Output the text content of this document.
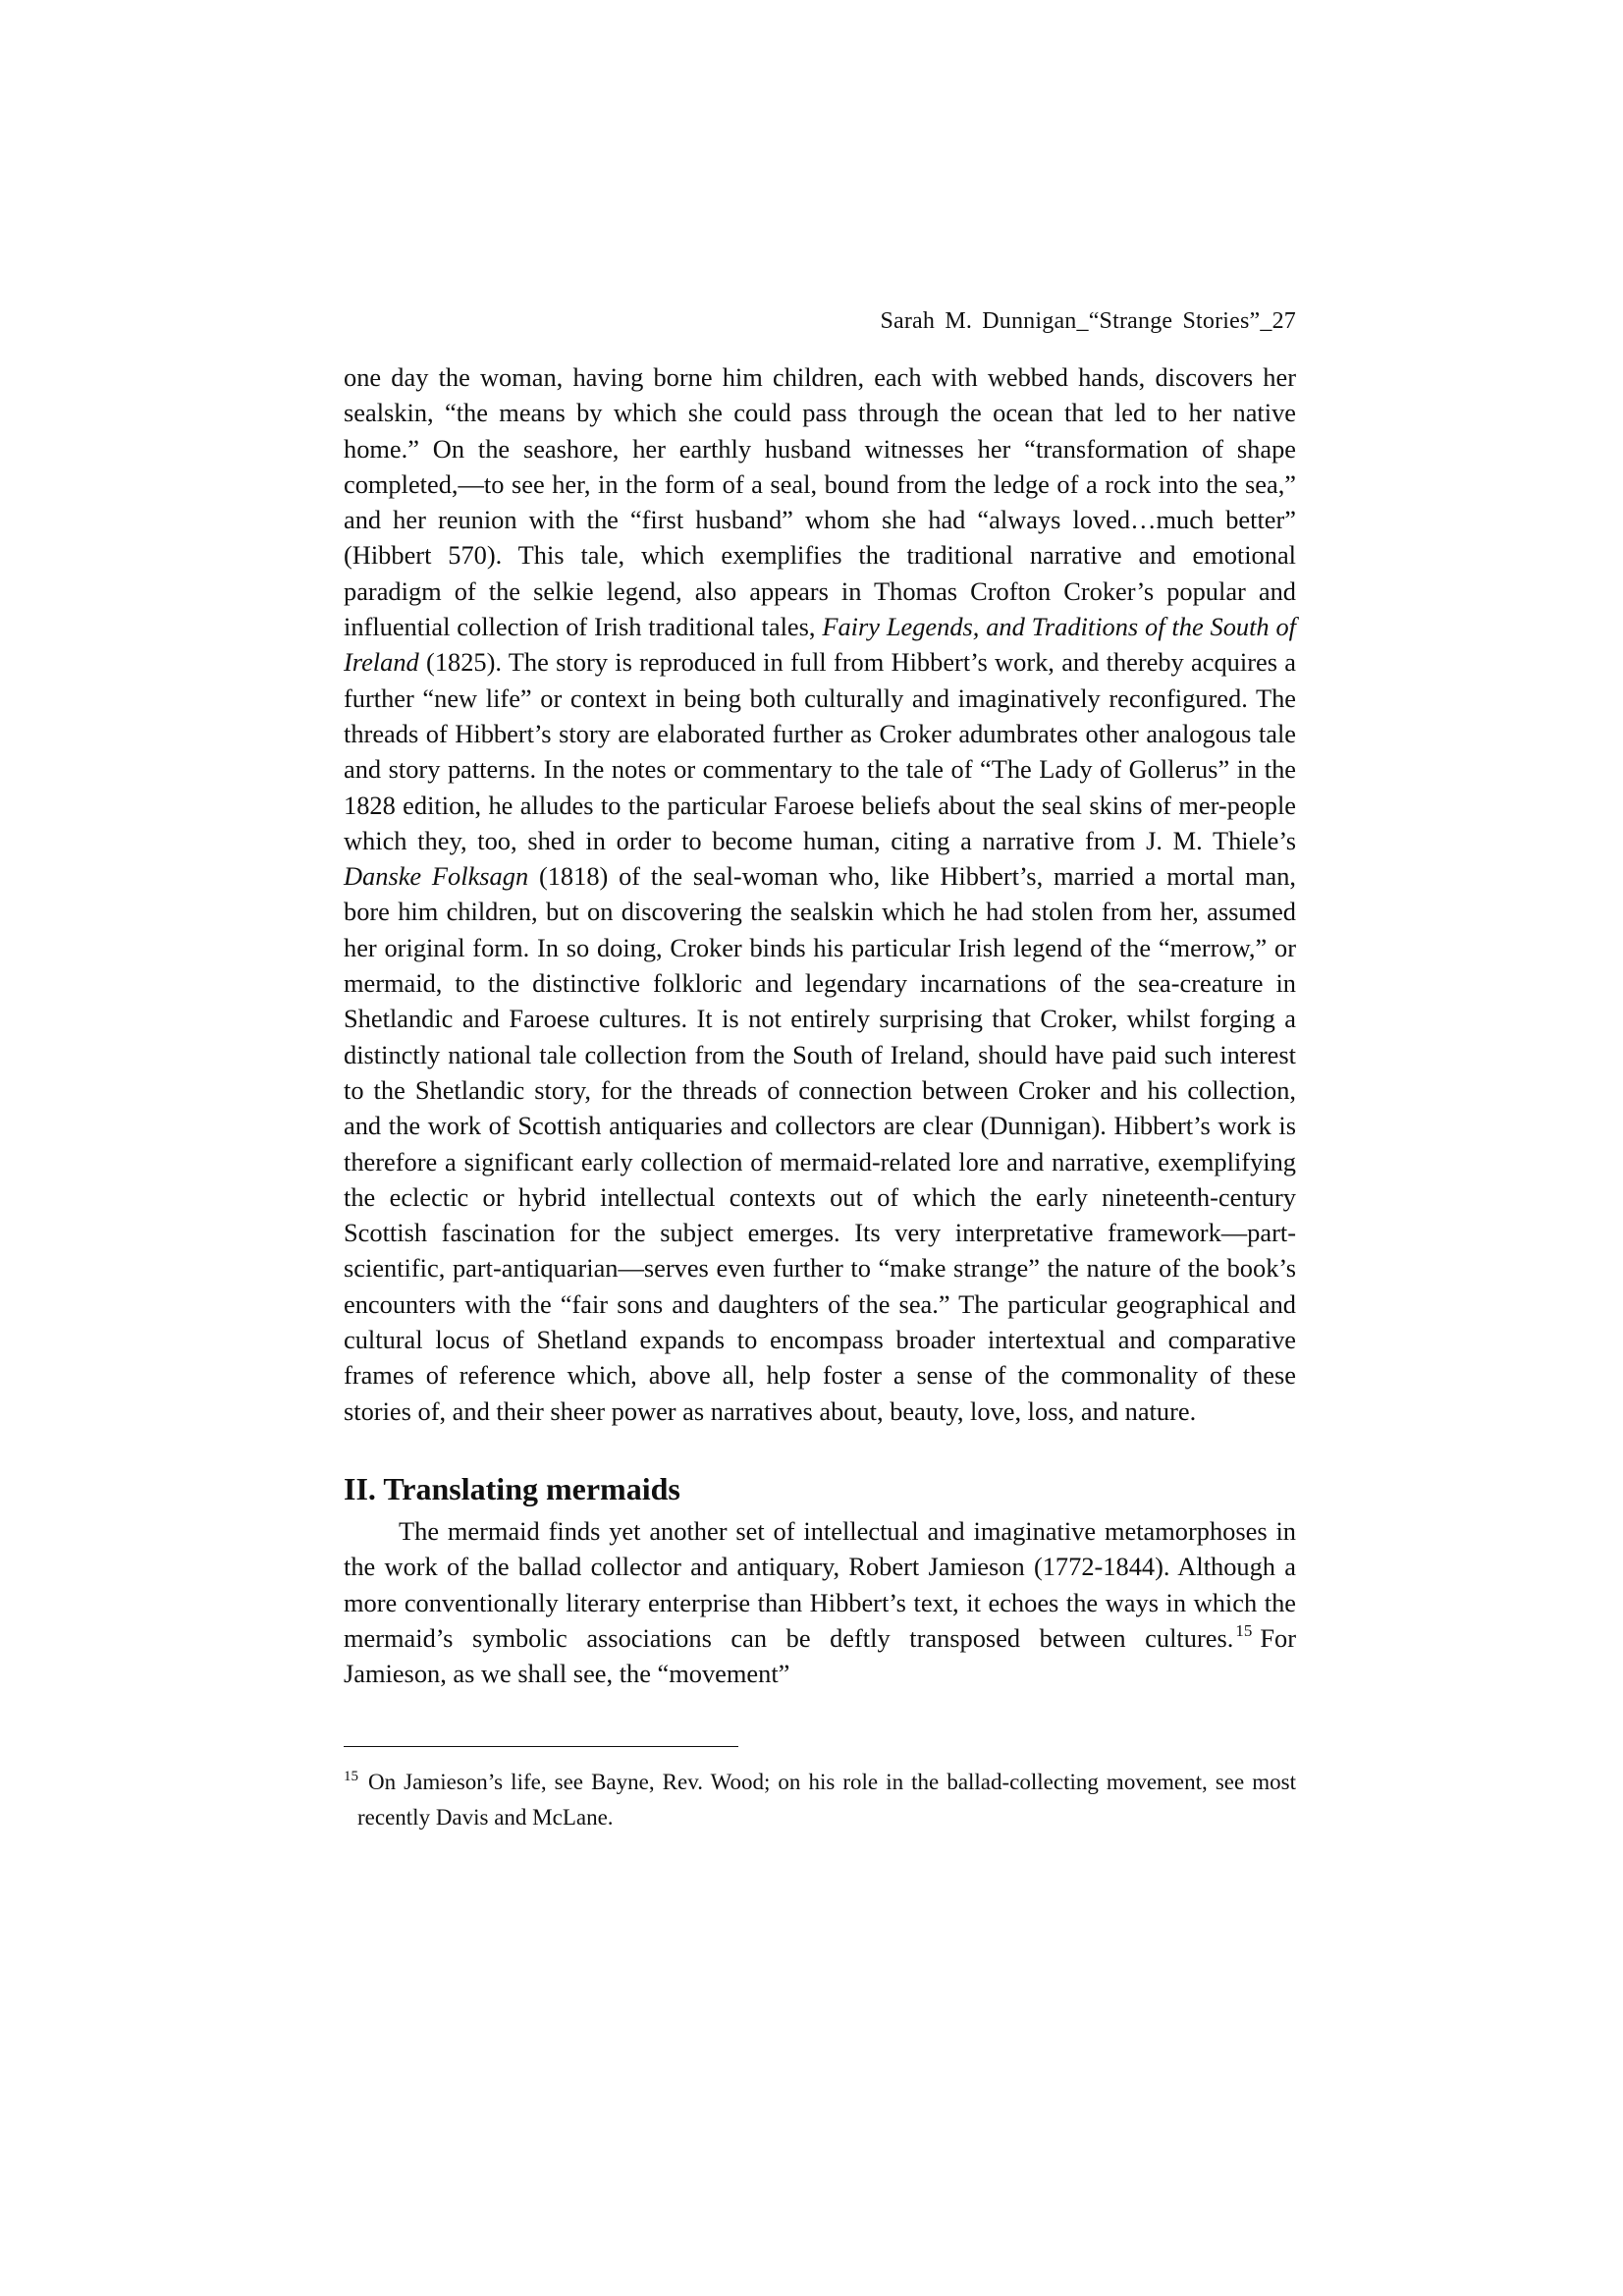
Sarah M. Dunnigan_“Strange Stories”_27

one day the woman, having borne him children, each with webbed hands, discovers her sealskin, “the means by which she could pass through the ocean that led to her native home.” On the seashore, her earthly husband witnesses her “transformation of shape completed,—to see her, in the form of a seal, bound from the ledge of a rock into the sea,” and her reunion with the “first husband” whom she had “always loved…much better” (Hibbert 570). This tale, which exemplifies the traditional narrative and emotional paradigm of the selkie legend, also appears in Thomas Crofton Croker’s popular and influential collection of Irish traditional tales, Fairy Legends, and Traditions of the South of Ireland (1825). The story is reproduced in full from Hibbert’s work, and thereby acquires a further “new life” or context in being both culturally and imaginatively reconfigured. The threads of Hibbert’s story are elaborated further as Croker adumbrates other analogous tale and story patterns. In the notes or commentary to the tale of “The Lady of Gollerus” in the 1828 edition, he alludes to the particular Faroese beliefs about the seal skins of mer-people which they, too, shed in order to become human, citing a narrative from J. M. Thiele’s Danske Folksagn (1818) of the seal-woman who, like Hibbert’s, married a mortal man, bore him children, but on discovering the sealskin which he had stolen from her, assumed her original form. In so doing, Croker binds his particular Irish legend of the “merrow,” or mermaid, to the distinctive folkloric and legendary incarnations of the sea-creature in Shetlandic and Faroese cultures. It is not entirely surprising that Croker, whilst forging a distinctly national tale collection from the South of Ireland, should have paid such interest to the Shetlandic story, for the threads of connection between Croker and his collection, and the work of Scottish antiquaries and collectors are clear (Dunnigan). Hibbert’s work is therefore a significant early collection of mermaid-related lore and narrative, exemplifying the eclectic or hybrid intellectual contexts out of which the early nineteenth-century Scottish fascination for the subject emerges. Its very interpretative framework—part-scientific, part-antiquarian—serves even further to “make strange” the nature of the book’s encounters with the “fair sons and daughters of the sea.” The particular geographical and cultural locus of Shetland expands to encompass broader intertextual and comparative frames of reference which, above all, help foster a sense of the commonality of these stories of, and their sheer power as narratives about, beauty, love, loss, and nature.

II. Translating mermaids

The mermaid finds yet another set of intellectual and imaginative metamorphoses in the work of the ballad collector and antiquary, Robert Jamieson (1772-1844). Although a more conventionally literary enterprise than Hibbert’s text, it echoes the ways in which the mermaid’s symbolic associations can be deftly transposed between cultures. $^{15}$ For Jamieson, as we shall see, the “movement”

$^{15}$ On Jamieson’s life, see Bayne, Rev. Wood; on his role in the ballad-collecting movement, see most recently Davis and McLane.
